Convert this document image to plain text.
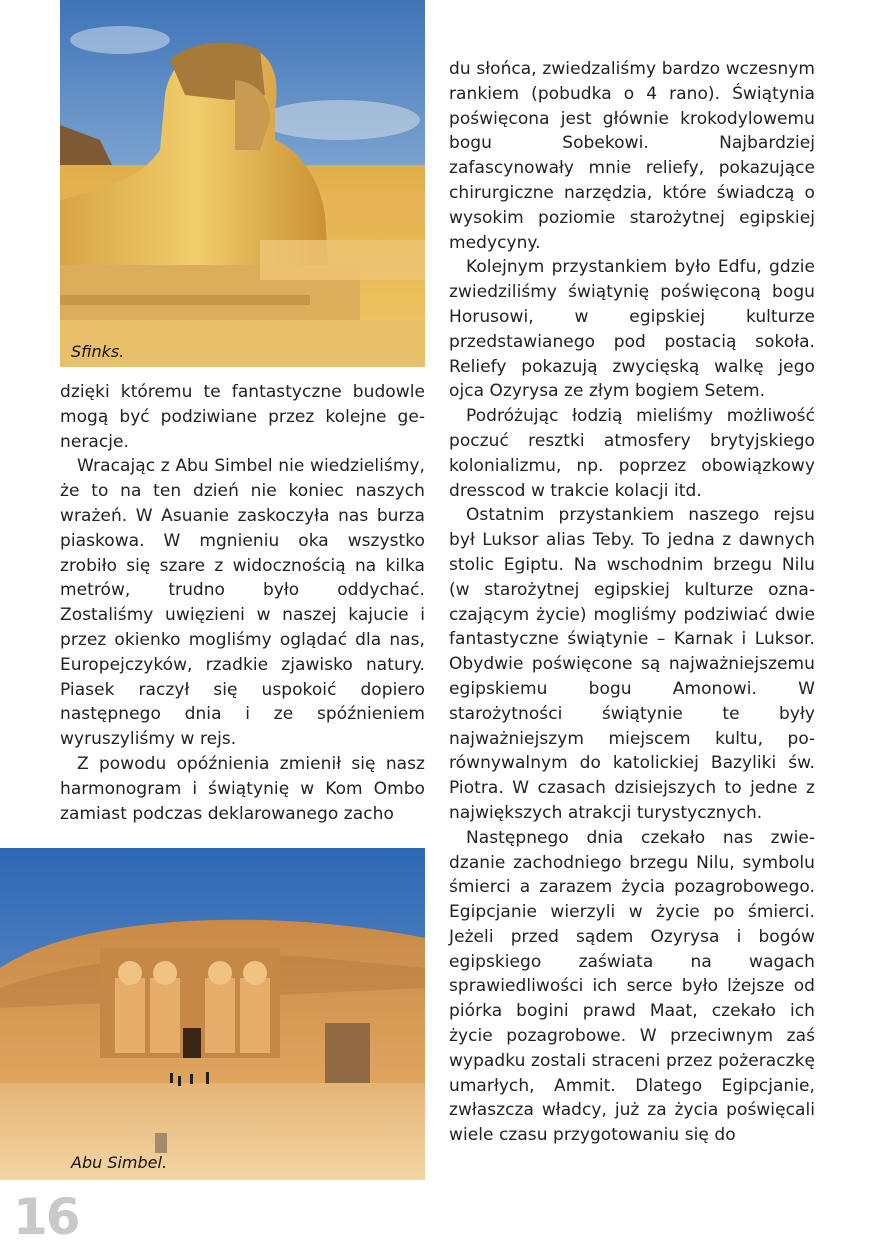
Sfinks.

dzięki któremu te fantastyczne budowle mogą być podziwiane przez kolejne generacje.

Wracając z Abu Simbel nie wiedzieliśmy, że to na ten dzień nie koniec naszych wrażeń. W Asuanie zaskoczyła nas burza piaskowa. W mgnieniu oka wszystko zrobiło się szare z widocznością na kilka metrów, trudno było oddychać. Zostaliśmy uwięzieni w naszej kajucie i przez okienko mogliśmy oglądać dla nas, Europejczyków, rzadkie zjawisko natury. Piasek raczył się uspokoić dopiero następnego dnia i ze spóźnieniem wyruszyliśmy w rejs.

Z powodu opóźnienia zmienił się nasz harmonogram i świątynię w Kom Ombo zamiast podczas deklarowanego zacho

Abu Simbel.

du słońca, zwiedzaliśmy bardzo wczesnym rankiem (pobudka o 4 rano). Świątynia poświęcona jest głównie krokodylowemu bogu Sobekowi. Najbardziej zafascynowały mnie reliefy, pokazujące chirurgiczne narzędzia, które świadczą o wysokim poziomie starożytnej egipskiej medycyny.

Kolejnym przystankiem było Edfu, gdzie zwiedziliśmy świątynię poświęconą bogu Horusowi, w egipskiej kulturze przedstawianego pod postacią sokoła. Reliefy pokazują zwycięską walkę jego ojca Ozyrysa ze złym bogiem Setem.

Podróżując łodzią mieliśmy możliwość poczuć resztki atmosfery brytyjskiego kolonializmu, np. poprzez obowiązkowy dresscod w trakcie kolacji itd.

Ostatnim przystankiem naszego rejsu był Luksor alias Teby. To jedna z dawnych stolic Egiptu. Na wschodnim brzegu Nilu (w starożytnej egipskiej kulturze oznaczającym życie) mogliśmy podziwiać dwie fantastyczne świątynie – Karnak i Luksor. Obydwie poświęcone są najważniejszemu egipskiemu bogu Amonowi. W starożytności świątynie te były najważniejszym miejscem kultu, porównywalnym do katolickiej Bazyliki św. Piotra. W czasach dzisiejszych to jedne z największych atrakcji turystycznych.

Następnego dnia czekało nas zwiedzanie zachodniego brzegu Nilu, symbolu śmierci a zarazem życia pozagrobowego. Egipcjanie wierzyli w życie po śmierci. Jeżeli przed sądem Ozyrysa i bogów egipskiego zaświata na wagach sprawiedliwości ich serce było lżejsze od piórka bogini prawd Maat, czekało ich życie pozagrobowe. W przeciwnym zaś wypadku zostali straceni przez pożeraczkę umarłych, Ammit. Dlatego Egipcjanie, zwłaszcza władcy, już za życia poświęcali wiele czasu przygotowaniu się do

16
